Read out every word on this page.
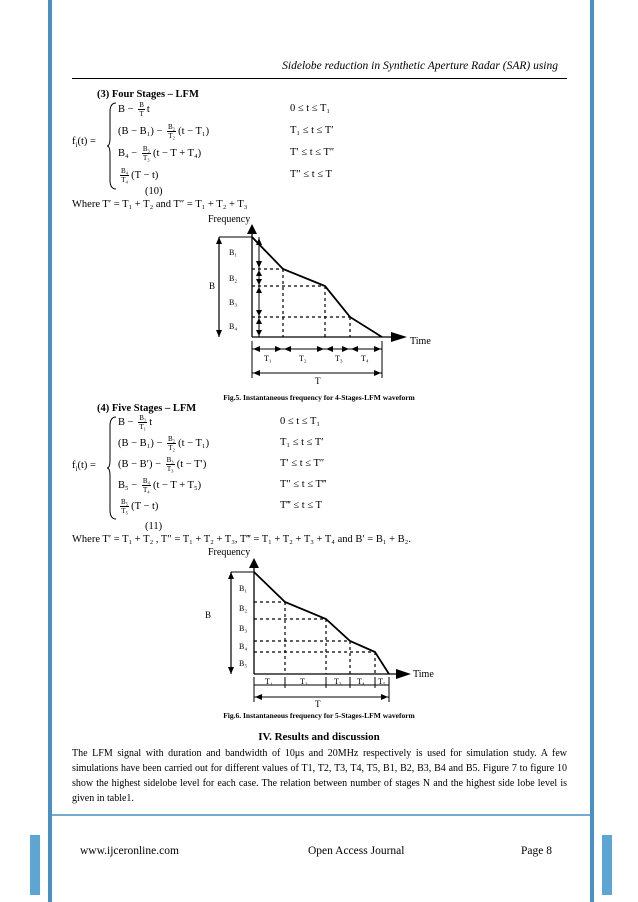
Sidelobe reduction in Synthetic Aperture Radar (SAR) using
(3) Four Stages – LFM
$f_i(t)$ =
$B - \frac{B}{T}$ t	0 ≤ t ≤ T₁
$(B - B_1) - \frac{\text{B₂}}{\text{T₂}} (t - T_1)$	T₁ ≤ t ≤ T′
$B_4 - \frac{\text{B₃}}{\text{T₃}} (t - T + T_4)$	T′ ≤ t ≤ T″
$\frac{\text{B₄}}{\text{T₄}} (T - t)$	T″ ≤ t ≤ T
(10)
Where T′ = T₁ + T₂ and T″ = T₁ + T₂ + T₃
Frequency
Time
B
B₁
B₂
B₃
B₄
T₁	T₂	T₃ T₄
T
Fig.5. Instantaneous frequency for 4-Stages-LFM waveform
(4) Five Stages – LFM
$f_i(t)$ =
$B - \frac{\text{B₁}}{\text{T₁}}$ t	0 ≤ t ≤ T₁
$(B - B_1) - \frac{\text{B₂}}{\text{T₂}} (t - T_1)$	T₁ ≤ t ≤ T′
$(B - B') - \frac{\text{B₃}}{\text{T₃}} (t - T')$	T′ ≤ t ≤ T″
$B_5 - \frac{\text{B₄}}{\text{T₄}} (t - T + T_5)$	T″ ≤ t ≤ T‴
$\frac{\text{B₅}}{\text{T₅}} (T - t)$	T‴ ≤ t ≤ T
(11)
Where T′ = T₁ + T₂ , T″ = T₁ + T₂ + T₃, T‴ = T₁ + T₂ + T₃ + T₄ and B′ = B₁ + B₂.
Frequency
Time
B
B₁
B₂
B₃
B₄
B₅
T₁	T₂	T₃ T₄ T₅
T
Fig.6. Instantaneous frequency for 5-Stages-LFM waveform
IV. Results and discussion
The LFM signal with duration and bandwidth of 10μs and 20MHz respectively is used for simulation study. A few simulations have been carried out for different values of T1, T2, T3, T4, T5, B1, B2, B3, B4 and B5. Figure 7 to figure 10 show the highest sidelobe level for each case. The relation between number of stages N and the highest side lobe level is given in table1.
www.ijceronline.com	Open Access Journal	Page 8
